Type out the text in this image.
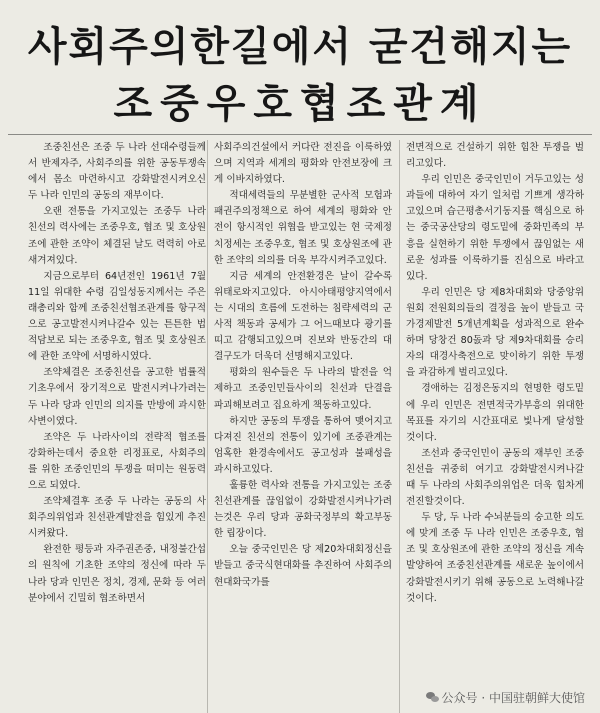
사회주의한길에서 굳건해지는
조중우호협조관계

조중친선은 조중 두 나라 선대수령들께서 반제자주, 사회주의를 위한 공동투쟁속에서 몸소 마련하시고 강화발전시켜오신 두 나라 인민의 공동의 재부이다.

오랜 전통을 가지고있는 조중두 나라 친선의 력사에는 조중우호, 협조 및 호상원조에 관한 조약이 체결된 날도 력력히 아로새겨져있다.

지금으로부터 64년전인 1961년 7월 11일 위대한 수령 김일성동지께서는 주은래총리와 함께 조중친선협조관계를 항구적으로 공고발전시켜나갈수 있는 튼튼한 법적담보로 되는 조중우호, 협조 및 호상원조에 관한 조약에 서명하시였다.

조약체결은 조중친선을 공고한 법률적기초우에서 장기적으로 발전시켜나가려는 두 나라 당과 인민의 의지를 만방에 과시한 사변이였다.

조약은 두 나라사이의 전략적 협조를 강화하는데서 중요한 리정표로, 사회주의를 위한 조중인민의 투쟁을 떠미는 원동력으로 되였다.

조약체결후 조중 두 나라는 공동의 사회주의위업과 친선관계발전을 힘있게 추진시켜왔다.

완전한 평등과 자주권존중, 내정불간섭의 원칙에 기초한 조약의 정신에 따라 두 나라 당과 인민은 정치, 경제, 문화 등 여러 분야에서 긴밀히 협조하면서

사회주의건설에서 커다란 전진을 이룩하였으며 지역과 세계의 평화와 안전보장에 크게 이바지하였다.

적대세력들의 무분별한 군사적 모험과 패권주의정책으로 하여 세계의 평화와 안전이 항시적인 위협을 받고있는 현 국제정치정세는 조중우호, 협조 및 호상원조에 관한 조약의 의의를 더욱 부각시켜주고있다.

지금 세계의 안전환경은 날이 갈수록 위태로와지고있다. 아시아태평양지역에서는 시대의 흐름에 도전하는 침략세력의 군사적 책동과 공세가 그 어느때보다 광기를 띠고 감행되고있으며 진보와 반동간의 대결구도가 더욱더 선명해지고있다.

평화의 원수들은 두 나라의 발전을 억제하고 조중인민들사이의 친선과 단결을 파괴해보려고 집요하게 책동하고있다.

하지만 공동의 투쟁을 통하여 맺어지고 다져진 친선의 전통이 있기에 조중관계는 엄혹한 환경속에서도 공고성과 불패성을 과시하고있다.

훌륭한 력사와 전통을 가지고있는 조중친선관계를 끊임없이 강화발전시켜나가려는것은 우리 당과 공화국정부의 확고부동한 립장이다.

오늘 중국인민은 당 제20차대회정신을 받들고 중국식현대화를 추진하여 사회주의현대화국가를

전면적으로 건설하기 위한 힘찬 투쟁을 벌리고있다.

우리 인민은 중국인민이 거두고있는 성과들에 대하여 자기 일처럼 기쁘게 생각하고있으며 습근평총서기동지를 핵심으로 하는 중국공산당의 령도밑에 중화민족의 부흥을 실현하기 위한 투쟁에서 끊임없는 새로운 성과를 이룩하기를 진심으로 바라고있다.

우리 인민은 당 제8차대회와 당중앙위원회 전원회의들의 결정을 높이 받들고 국가경제발전 5개년계획을 성과적으로 완수하며 당창건 80돐과 당 제9차대회를 승리자의 대경사축전으로 맞이하기 위한 투쟁을 과감하게 벌리고있다.

경애하는 김정은동지의 현명한 령도밑에 우리 인민은 전면적국가부흥의 위대한 목표를 자기의 시간표대로 빛나게 달성할것이다.

조선과 중국인민이 공동의 재부인 조중친선을 귀중히 여기고 강화발전시켜나갈 때 두 나라의 사회주의위업은 더욱 힘차게 전진할것이다.

두 당, 두 나라 수뇌분들의 숭고한 의도에 맞게 조중 두 나라 인민은 조중우호, 협조 및 호상원조에 관한 조약의 정신을 계속 발양하여 조중친선관계를 새로운 높이에서 강화발전시키기 위해 공동으로 노력해나갈것이다.

公众号 · 中国驻朝鲜大使馆
